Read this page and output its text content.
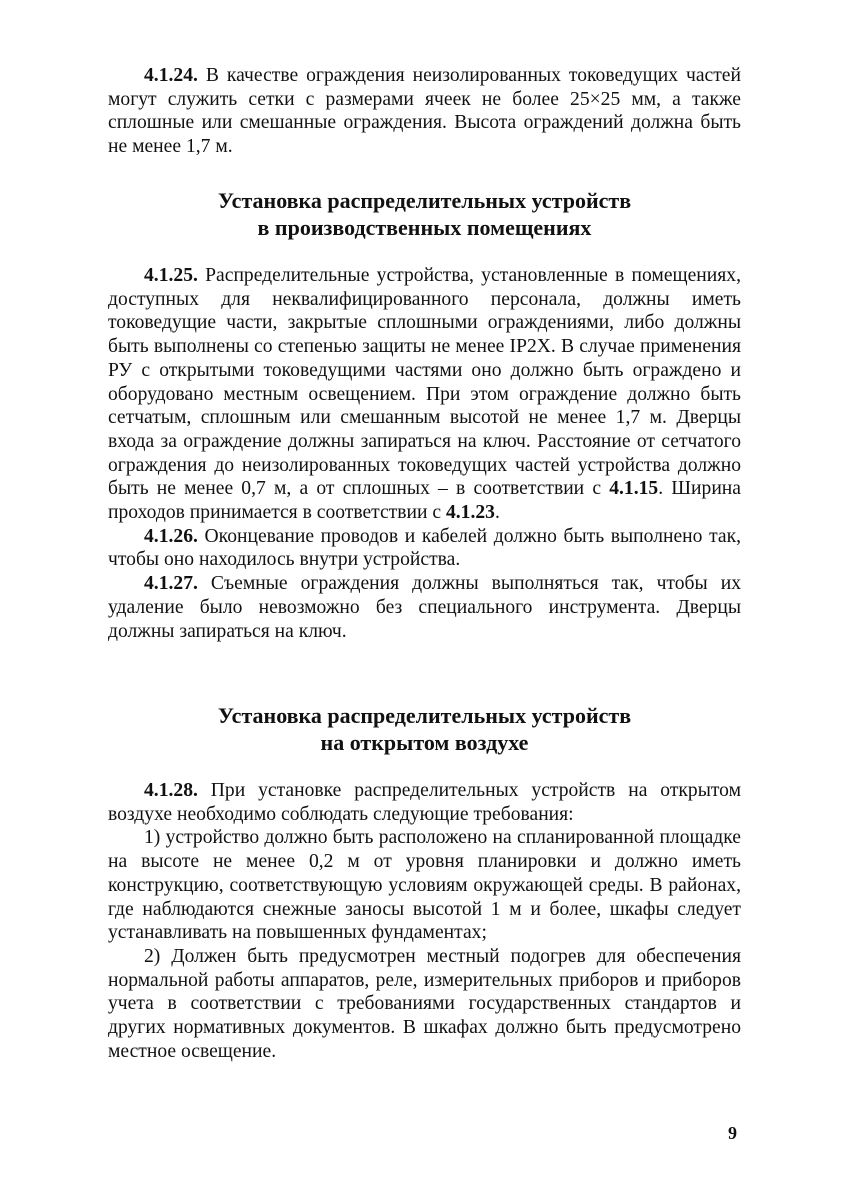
4.1.24. В качестве ограждения неизолированных токоведущих частей могут служить сетки с размерами ячеек не более 25×25 мм, а также сплошные или смешанные ограждения. Высота ограждений должна быть не менее 1,7 м.

Установка распределительных устройств
в производственных помещениях

4.1.25. Распределительные устройства, установленные в помещениях, доступных для неквалифицированного персонала, должны иметь токоведущие части, закрытые сплошными ограждениями, либо должны быть выполнены со степенью защиты не менее IP2X. В случае применения РУ с открытыми токоведущими частями оно должно быть ограждено и оборудовано местным освещением. При этом ограждение должно быть сетчатым, сплошным или смешанным высотой не менее 1,7 м. Дверцы входа за ограждение должны запираться на ключ. Расстояние от сетчатого ограждения до неизолированных токоведущих частей устройства должно быть не менее 0,7 м, а от сплошных – в соответствии с 4.1.15. Ширина проходов принимается в соответствии с 4.1.23.

4.1.26. Оконцевание проводов и кабелей должно быть выполнено так, чтобы оно находилось внутри устройства.

4.1.27. Съемные ограждения должны выполняться так, чтобы их удаление было невозможно без специального инструмента. Дверцы должны запираться на ключ.

Установка распределительных устройств
на открытом воздухе

4.1.28. При установке распределительных устройств на открытом воздухе необходимо соблюдать следующие требования:

1) устройство должно быть расположено на спланированной площадке на высоте не менее 0,2 м от уровня планировки и должно иметь конструкцию, соответствующую условиям окружающей среды. В районах, где наблюдаются снежные заносы высотой 1 м и более, шкафы следует устанавливать на повышенных фундаментах;

2) Должен быть предусмотрен местный подогрев для обеспечения нормальной работы аппаратов, реле, измерительных приборов и приборов учета в соответствии с требованиями государственных стандартов и других нормативных документов. В шкафах должно быть предусмотрено местное освещение.

9
